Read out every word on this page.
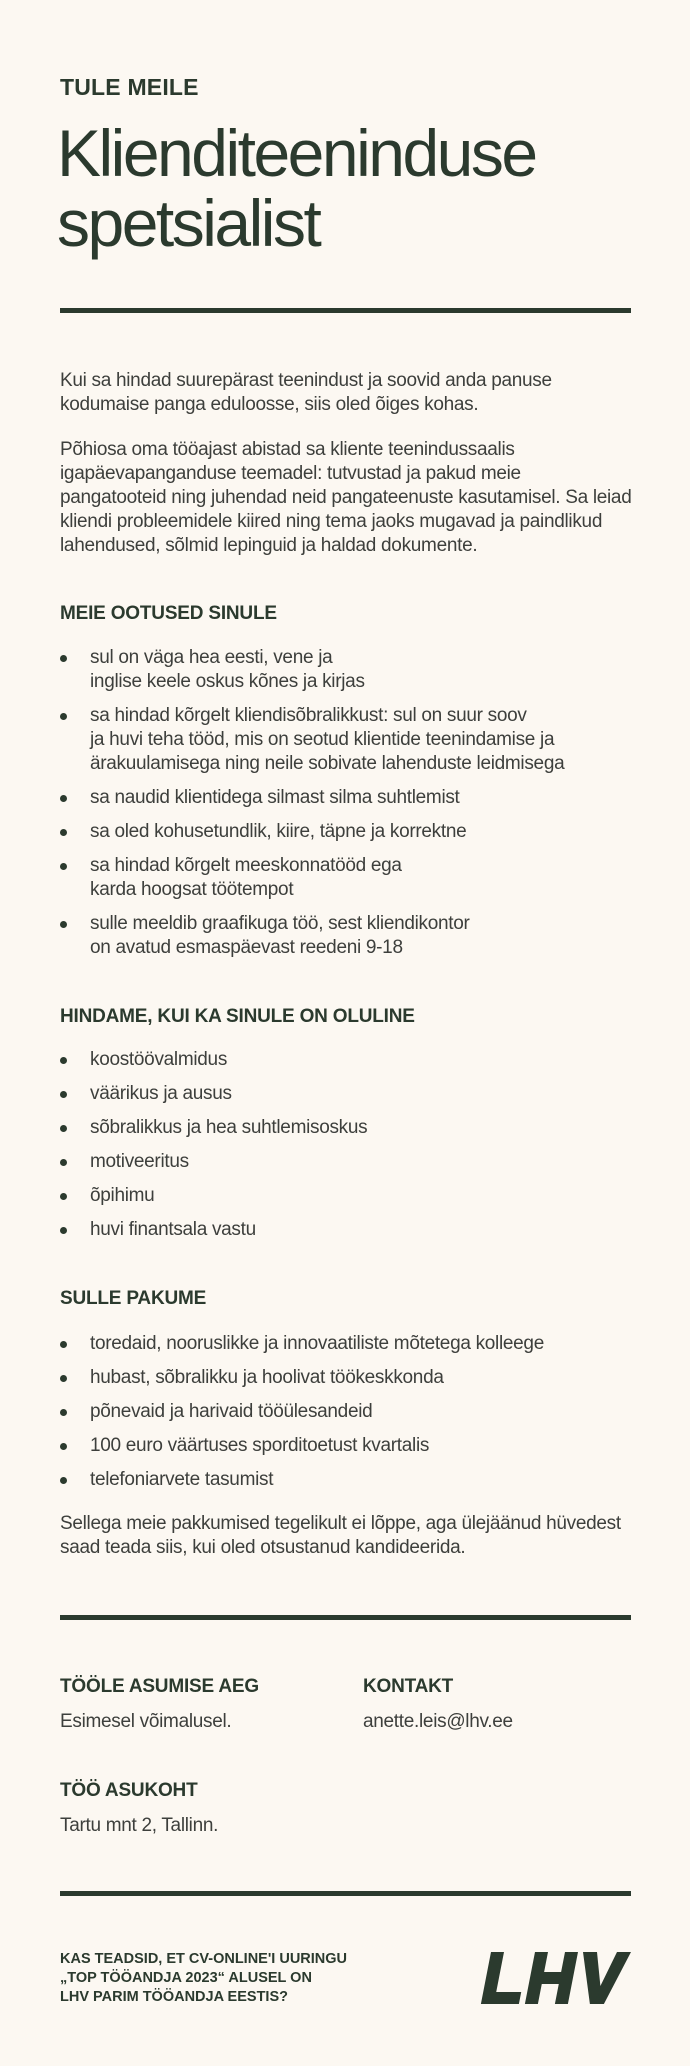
TULE MEILE
Klienditeeninduse
spetsialist

Kui sa hindad suurepärast teenindust ja soovid anda panuse kodumaise panga eduloosse, siis oled õiges kohas.

Põhiosa oma tööajast abistad sa kliente teenindussaalis igapäevapanganduse teemadel: tutvustad ja pakud meie pangatooteid ning juhendad neid pangateenuste kasutamisel. Sa leiad kliendi probleemidele kiired ning tema jaoks mugavad ja paindlikud lahendused, sõlmid lepinguid ja haldad dokumente.

MEIE OOTUSED SINULE
sul on väga hea eesti, vene ja
inglise keele oskus kõnes ja kirjas
sa hindad kõrgelt kliendisõbralikkust: sul on suur soov
ja huvi teha tööd, mis on seotud klientide teenindamise ja
ärakuulamisega ning neile sobivate lahenduste leidmisega
sa naudid klientidega silmast silma suhtlemist
sa oled kohusetundlik, kiire, täpne ja korrektne
sa hindad kõrgelt meeskonnatööd ega
karda hoogsat töötempot
sulle meeldib graafikuga töö, sest kliendikontor
on avatud esmaspäevast reedeni 9-18
HINDAME, KUI KA SINULE ON OLULINE
koostöövalmidus
väärikus ja ausus
sõbralikkus ja hea suhtlemisoskus
motiveeritus
õpihimu
huvi finantsala vastu
SULLE PAKUME
toredaid, nooruslikke ja innovaatiliste mõtetega kolleege
hubast, sõbralikku ja hoolivat töökeskkonda
põnevaid ja harivaid tööülesandeid
100 euro väärtuses sporditoetust kvartalis
telefoniarvete tasumist

Sellega meie pakkumised tegelikult ei lõppe, aga ülejäänud hüvedest saad teada siis, kui oled otsustanud kandideerida.

TÖÖLE ASUMISE AEG
Esimesel võimalusel.
KONTAKT
anette.leis@lhv.ee
TÖÖ ASUKOHT
Tartu mnt 2, Tallinn.
KAS TEADSID, ET CV-ONLINE'I UURINGU
„TOP TÖÖANDJA 2023“ ALUSEL ON
LHV PARIM TÖÖANDJA EESTIS?
